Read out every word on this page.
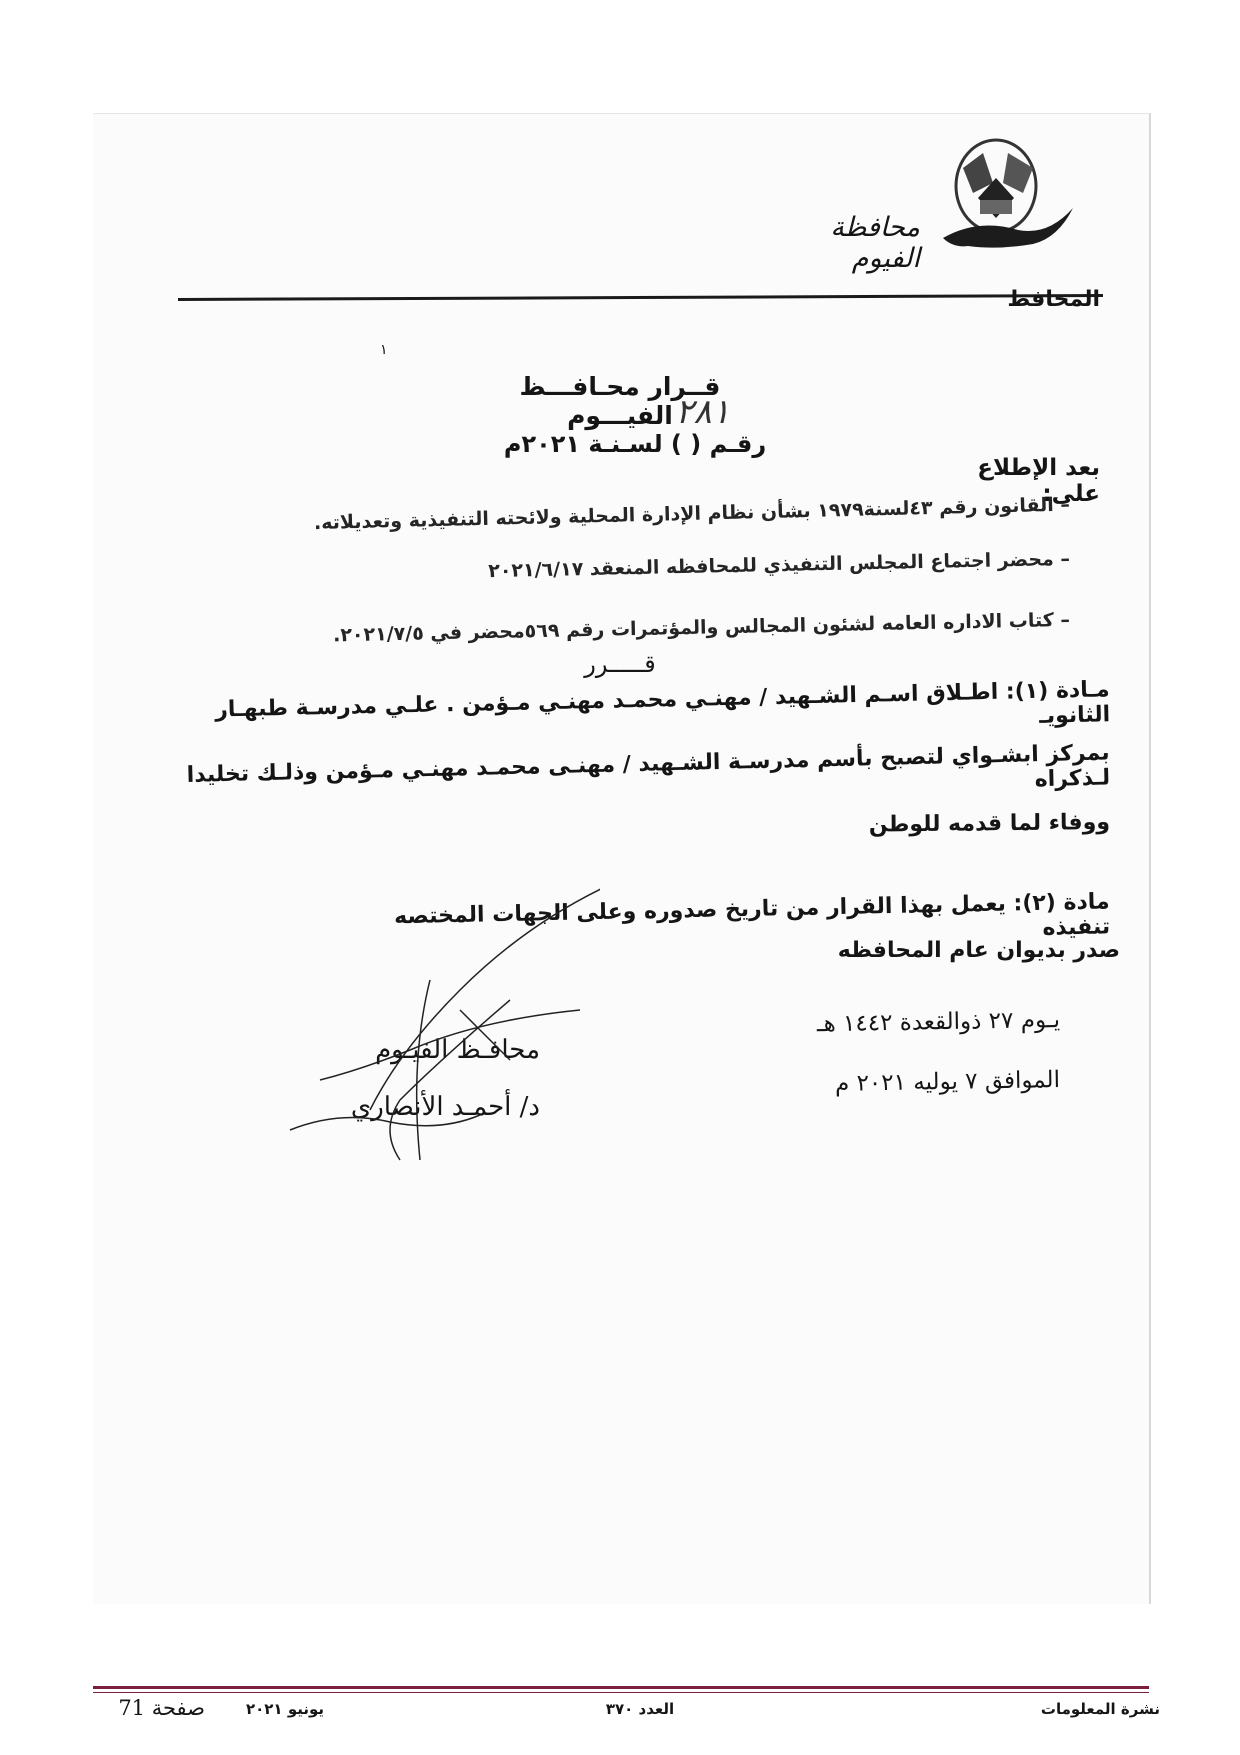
محافظة الفيوم
المحافظ
١
قــرار محـافـــظ الفيـــوم ٢٨١
رقـم ( ) لسـنـة ٢٠٢١م
بعد الإطلاع على:
– القانون رقم ٤٣لسنة١٩٧٩ بشأن نظام الإدارة المحلية ولائحته التنفيذية وتعديلاته.
– محضر اجتماع المجلس التنفيذي للمحافظه المنعقد ٢٠٢١/٦/١٧
– كتاب الاداره العامه لشئون المجالس والمؤتمرات رقم ٥٦٩محضر في ٢٠٢١/٧/٥.
قـــــرر
مـادة (١): اطـلاق اسـم الشـهيد / مهنـي محمـد مهنـي مـؤمن . علـي مدرسـة طبهـار الثانويـ
بمركز ابشـواي لتصبح بأسم مدرسـة الشـهيد / مهنـى محمـد مهنـي مـؤمن وذلـك تخليدا لـذكراه
ووفاء لما قدمه للوطن
مادة (٢): يعمل بهذا القرار من تاريخ صدوره وعلى الجهات المختصه تنفيذه
صدر بديوان عام المحافظه
يـوم ٢٧ ذوالقعدة ١٤٤٢ هـ
الموافق ٧ يوليه ٢٠٢١ م
محافـظ الفيـوم
د/ أحمـد الأنصاري
نشرة المعلومات
العدد ٣٧٠
يونيو ٢٠٢١
صفحة 71
